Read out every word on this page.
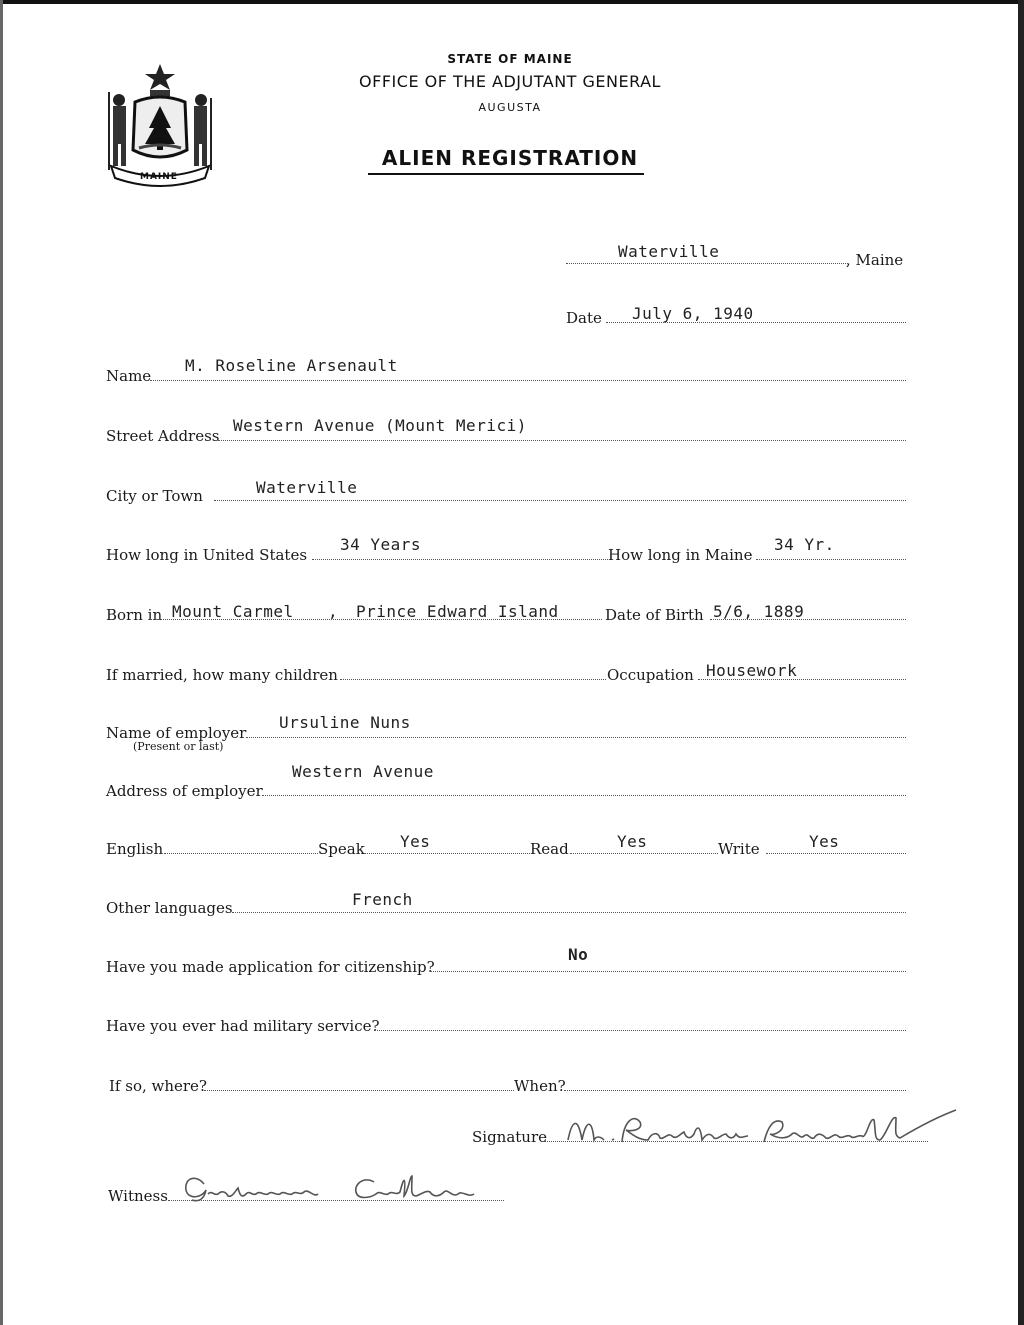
MAINE
STATE OF MAINE
OFFICE OF THE ADJUTANT GENERAL
AUGUSTA
ALIEN REGISTRATION
Waterville	, Maine
Date July 6, 1940
Name
M. Roseline Arsenault
Street Address
Western Avenue (Mount Merici)
City or Town	Waterville
How long in United States
34 Years
How long in Maine
34 Yr.
Born in Mount Carmel , Prince Edward Island	Date of Birth 5/6, 1889
If married, how many children	Occupation Housework
Name of employer
(Present or last)
Ursuline Nuns
Address of employer
Western Avenue
English	Speak Yes	Read	Yes	Write	Yes
Other languages	French
Have you made application for citizenship?
No
Have you ever had military service?
If so, where?	When?
Signature
Witness
